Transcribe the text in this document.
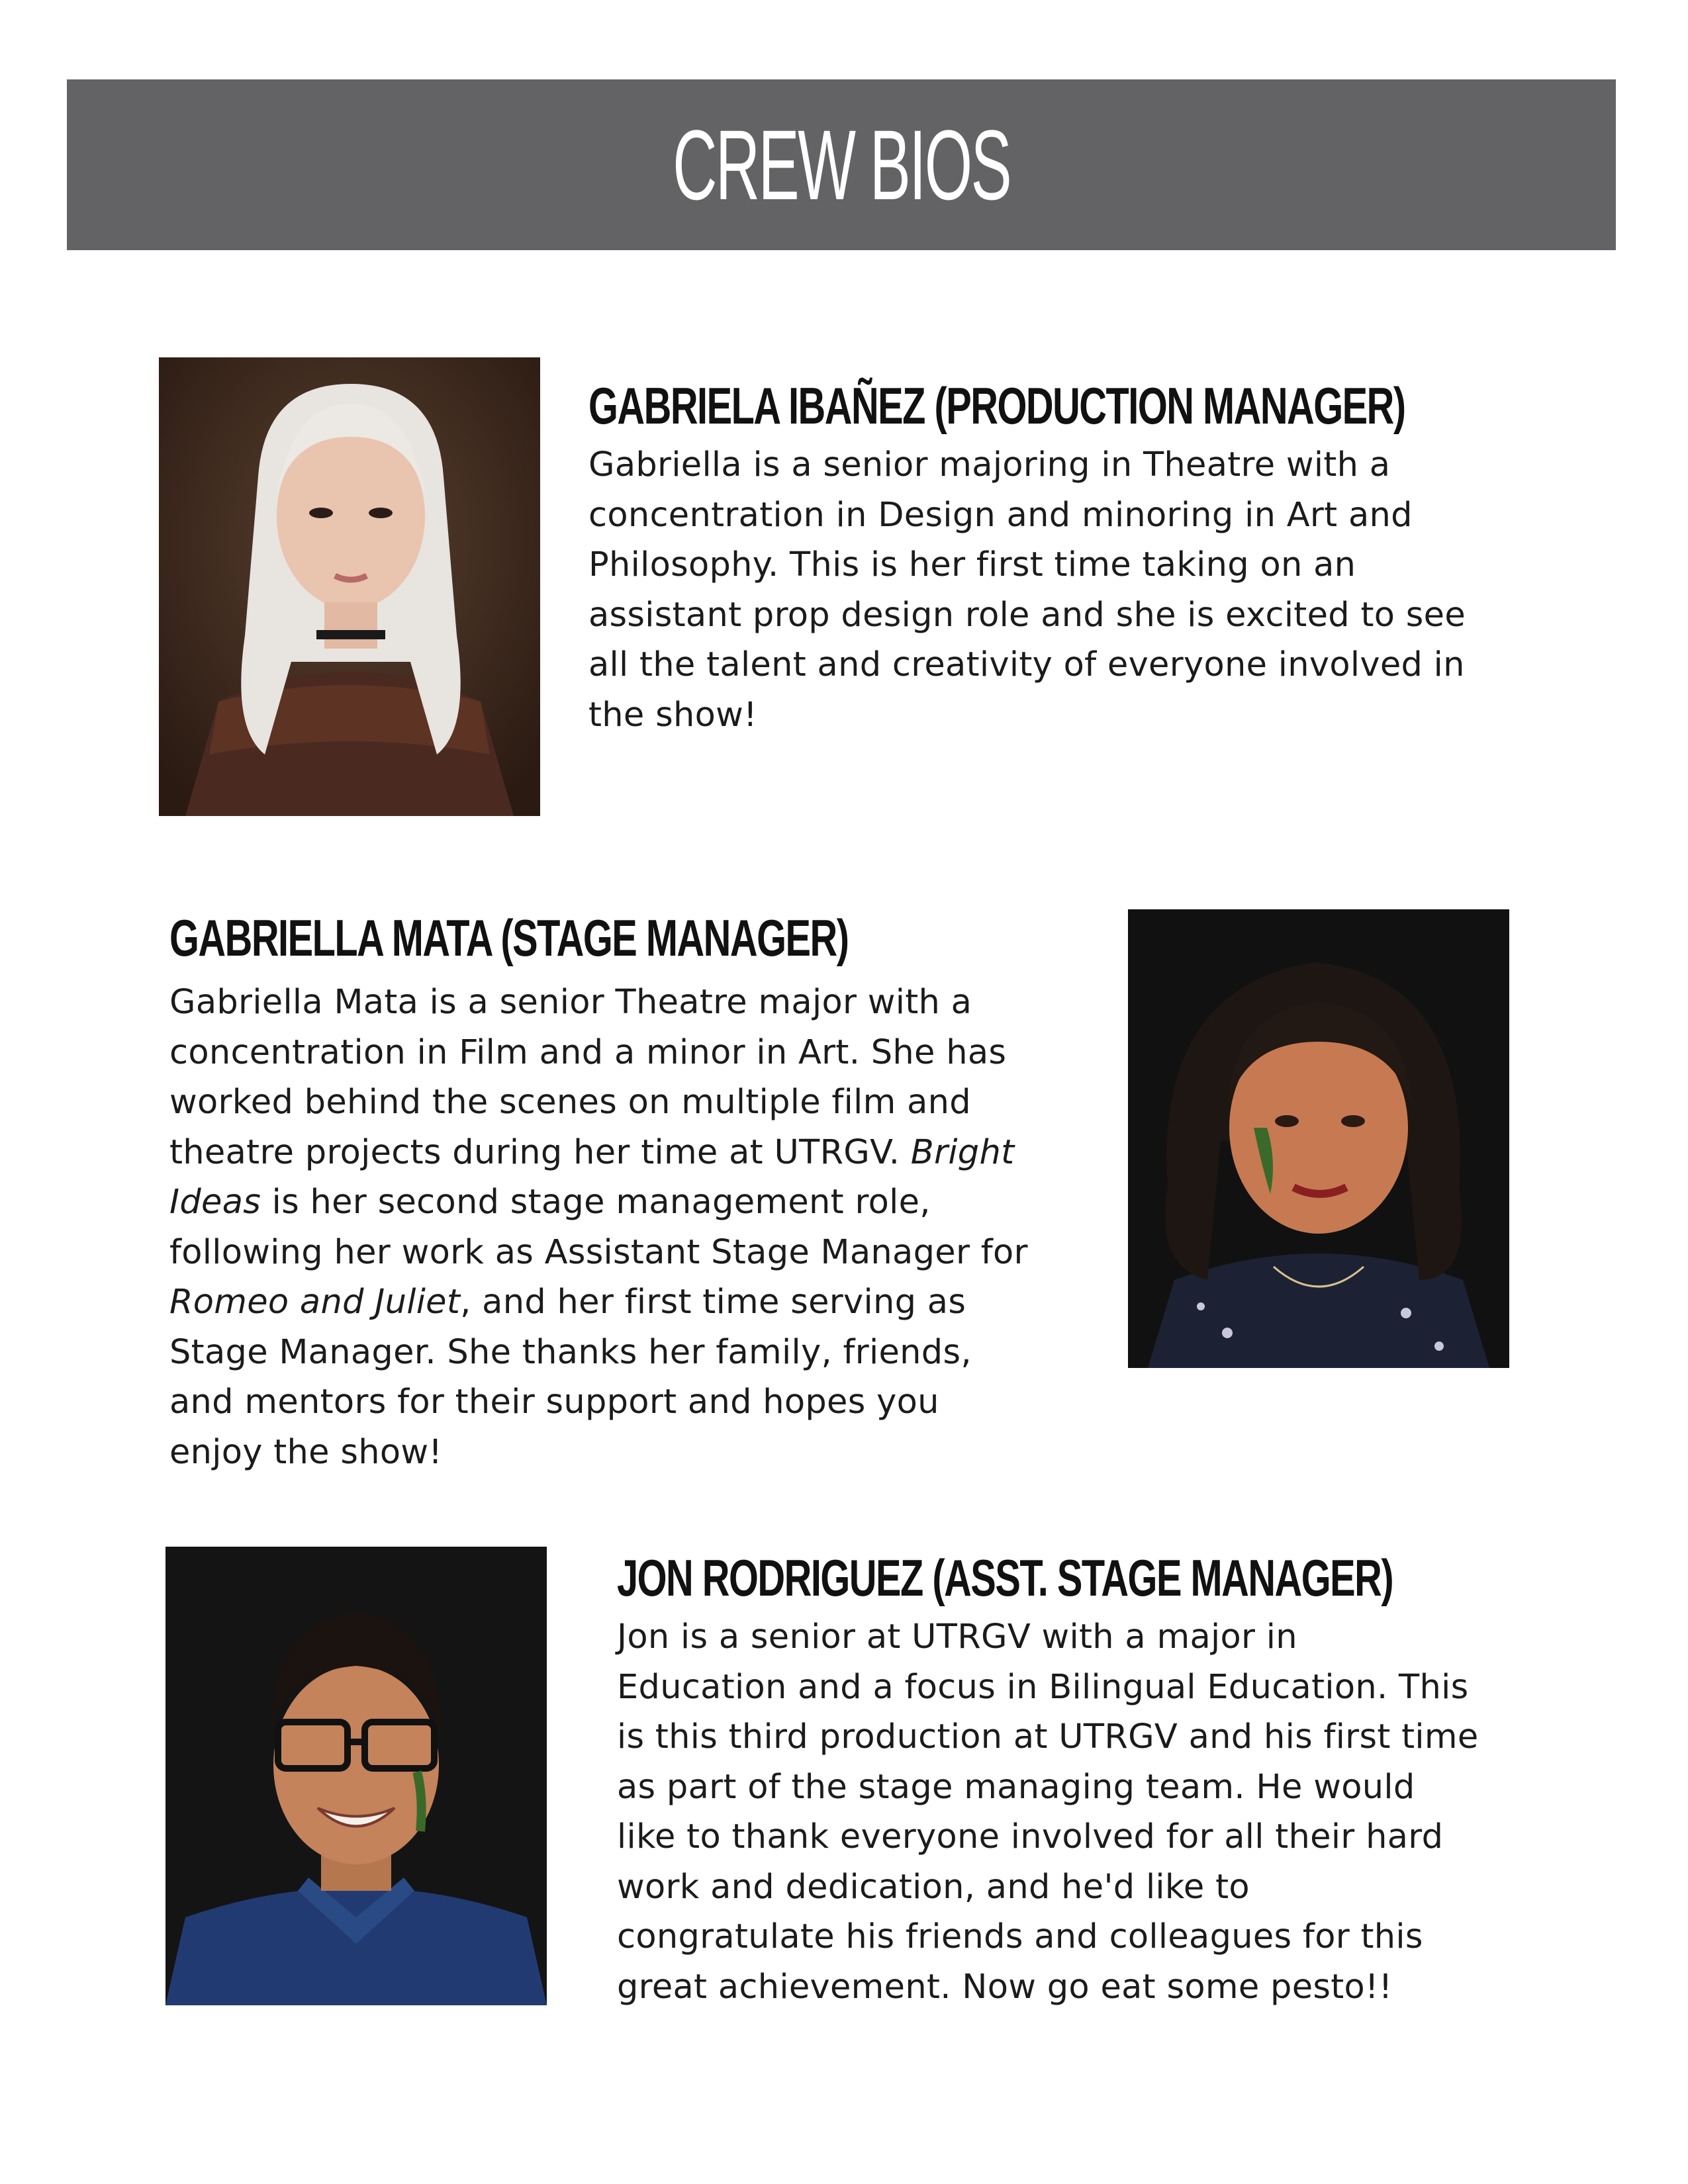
CREW BIOS
GABRIELA IBAÑEZ (PRODUCTION MANAGER)

Gabriella is a senior majoring in Theatre with a
concentration in Design and minoring in Art and
Philosophy. This is her first time taking on an
assistant prop design role and she is excited to see
all the talent and creativity of everyone involved in
the show!

GABRIELLA MATA (STAGE MANAGER)

Gabriella Mata is a senior Theatre major with a
concentration in Film and a minor in Art. She has
worked behind the scenes on multiple film and
theatre projects during her time at UTRGV. Bright
Ideas is her second stage management role,
following her work as Assistant Stage Manager for
Romeo and Juliet, and her first time serving as
Stage Manager. She thanks her family, friends,
and mentors for their support and hopes you
enjoy the show!

JON RODRIGUEZ (ASST. STAGE MANAGER)

Jon is a senior at UTRGV with a major in
Education and a focus in Bilingual Education. This
is this third production at UTRGV and his first time
as part of the stage managing team. He would
like to thank everyone involved for all their hard
work and dedication, and he'd like to
congratulate his friends and colleagues for this
great achievement. Now go eat some pesto!!
